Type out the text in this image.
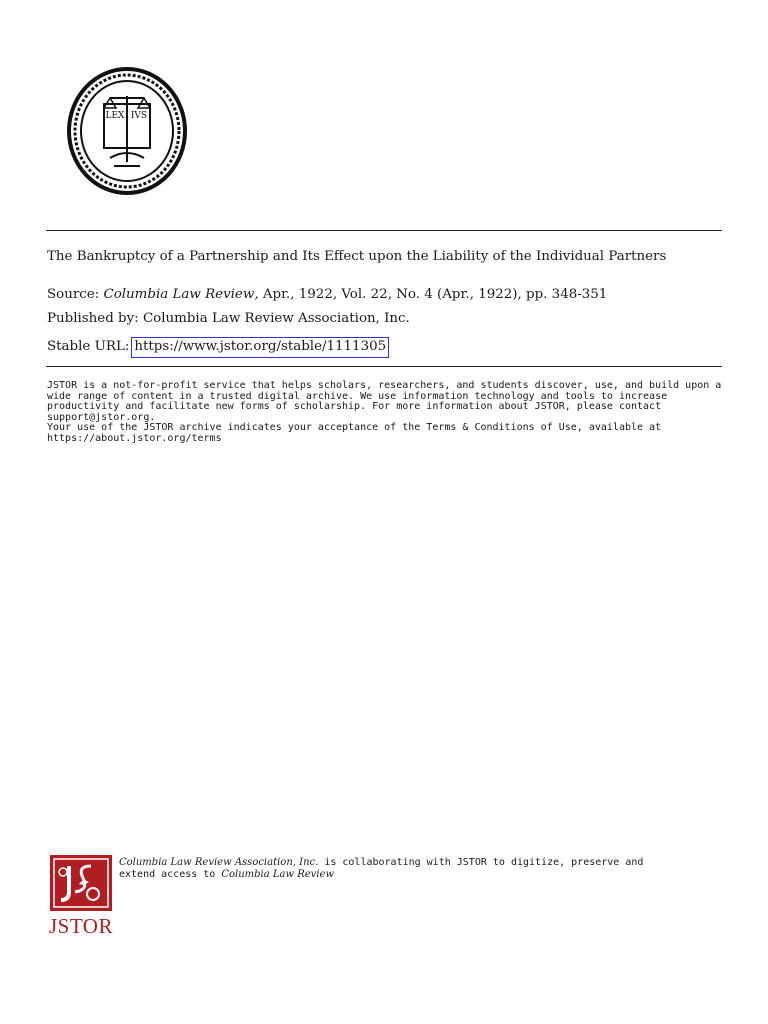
LEX IVS
The Bankruptcy of a Partnership and Its Effect upon the Liability of the Individual Partners
Source: Columbia Law Review, Apr., 1922, Vol. 22, No. 4 (Apr., 1922), pp. 348-351
Published by: Columbia Law Review Association, Inc.
Stable URL: https://www.jstor.org/stable/1111305
JSTOR is a not-for-profit service that helps scholars, researchers, and students discover, use, and build upon a wide range of content in a trusted digital archive. We use information technology and tools to increase productivity and facilitate new forms of scholarship. For more information about JSTOR, please contact support@jstor.org.
Your use of the JSTOR archive indicates your acceptance of the Terms & Conditions of Use, available at https://about.jstor.org/terms
JSTOR
Columbia Law Review Association, Inc. is collaborating with JSTOR to digitize, preserve and extend access to Columbia Law Review
